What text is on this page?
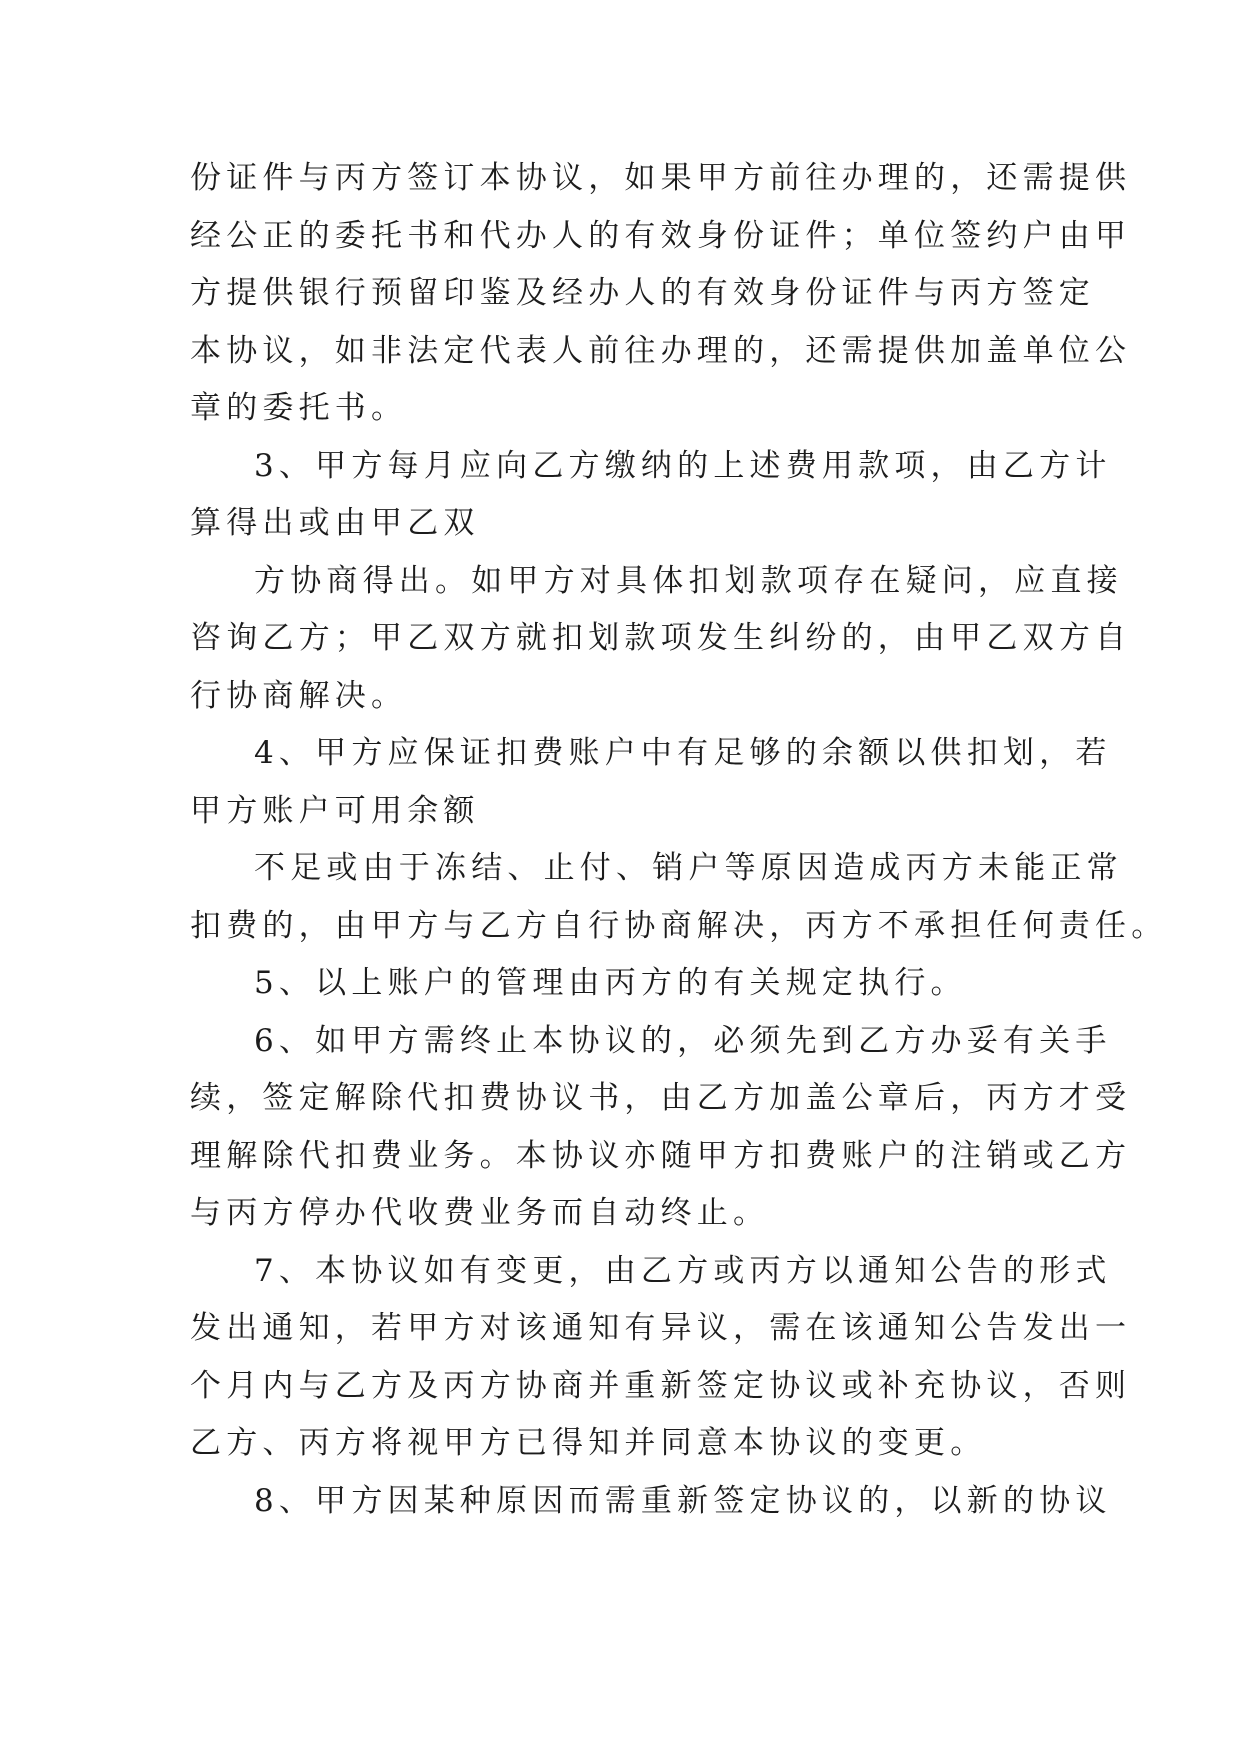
份证件与丙方签订本协议，如果甲方前往办理的，还需提供
经公正的委托书和代办人的有效身份证件；单位签约户由甲
方提供银行预留印鉴及经办人的有效身份证件与丙方签定
本协议，如非法定代表人前往办理的，还需提供加盖单位公
章的委托书。
3、甲方每月应向乙方缴纳的上述费用款项，由乙方计
算得出或由甲乙双
方协商得出。如甲方对具体扣划款项存在疑问，应直接
咨询乙方；甲乙双方就扣划款项发生纠纷的，由甲乙双方自
行协商解决。
4、甲方应保证扣费账户中有足够的余额以供扣划，若
甲方账户可用余额
不足或由于冻结、止付、销户等原因造成丙方未能正常
扣费的，由甲方与乙方自行协商解决，丙方不承担任何责任。
5、以上账户的管理由丙方的有关规定执行。
6、如甲方需终止本协议的，必须先到乙方办妥有关手
续，签定解除代扣费协议书，由乙方加盖公章后，丙方才受
理解除代扣费业务。本协议亦随甲方扣费账户的注销或乙方
与丙方停办代收费业务而自动终止。
7、本协议如有变更，由乙方或丙方以通知公告的形式
发出通知，若甲方对该通知有异议，需在该通知公告发出一
个月内与乙方及丙方协商并重新签定协议或补充协议，否则
乙方、丙方将视甲方已得知并同意本协议的变更。
8、甲方因某种原因而需重新签定协议的，以新的协议
